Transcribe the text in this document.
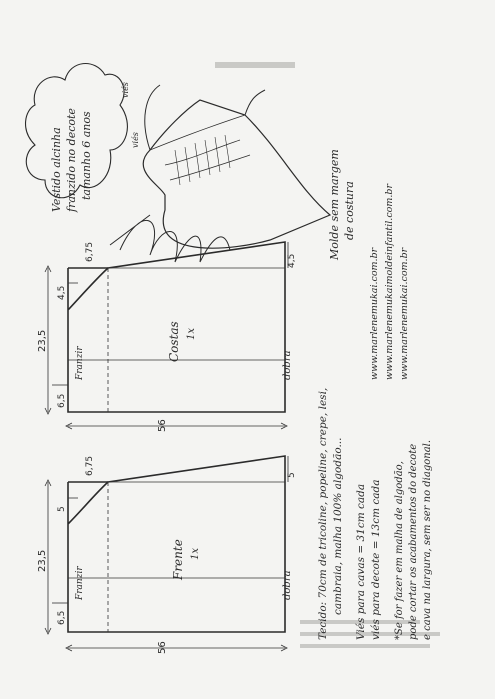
viés
viés
Vestido alcinha franzido no decote tamanho 6 anos	Molde sem margem de costura
www.marlenemukai.com.br www.marlenemukaimoldeinfantil.com.br www.marlenemukai.com.br
23,5
56
4,5
6,75	4,5
6,5
Franzir	dobra
Costas 1x
23,5
56
5
6,75	5
6,5
Franzir	dobra
Frente 1x	Tecido: 70cm de tricoline, popeline, crepe, lesi, cambraia, malha 100% algodão... Viés para cavas = 31cm cada viés para decote = 13cm cada *Se for fazer em malha de algodão, pode cortar os acabamentos do decote e cava na largura, sem ser no diagonal.
